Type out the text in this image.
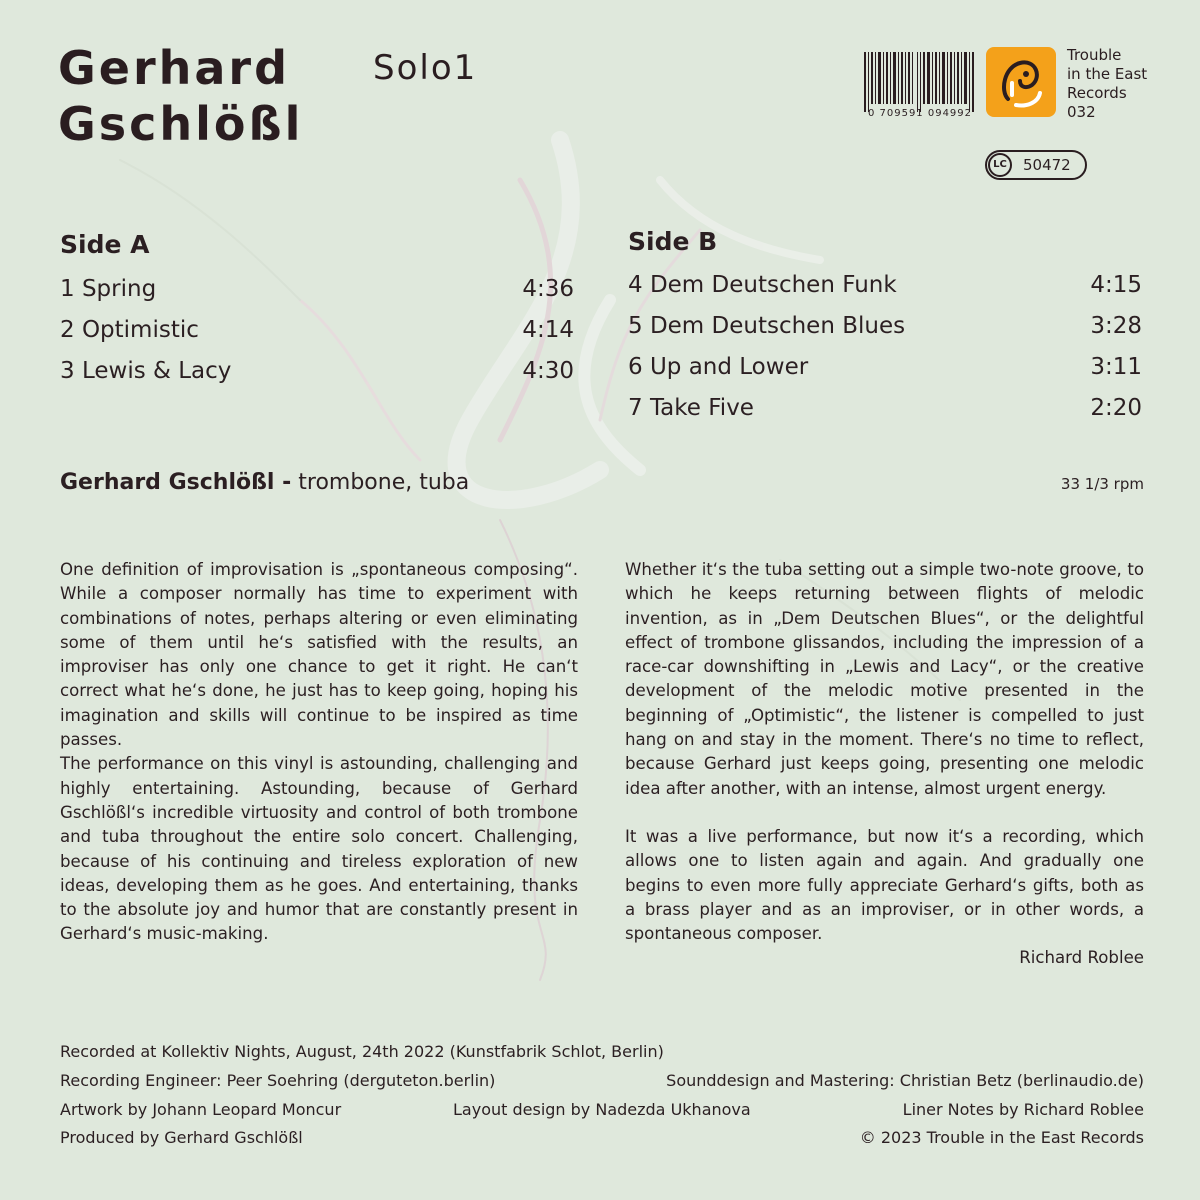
Gerhard
Gschlößl
Solo1
0 709591 094992
Trouble
in the East
Records
032
LC	50472
Side A
1 Spring	4:36
2 Optimistic	4:14
3 Lewis & Lacy	4:30
Side B
4 Dem Deutschen Funk	4:15
5 Dem Deutschen Blues	3:28
6 Up and Lower	3:11
7 Take Five	2:20
Gerhard Gschlößl - trombone, tuba	33 1/3 rpm

One definition of improvisation is „spontaneous composing“. While a composer normally has time to experiment with combinations of notes, perhaps altering or even eliminating some of them until he‘s satisfied with the results, an improviser has only one chance to get it right. He can‘t correct what he‘s done, he just has to keep going, hoping his imagination and skills will continue to be inspired as time passes.

The performance on this vinyl is astounding, challenging and highly entertaining. Astounding, because of Gerhard Gschlößl‘s incredible virtuosity and control of both trombone and tuba throughout the entire solo concert. Challenging, because of his continuing and tireless exploration of new ideas, developing them as he goes. And entertaining, thanks to the absolute joy and humor that are constantly present in Gerhard‘s music-making.

Whether it‘s the tuba setting out a simple two-note groove, to which he keeps returning between flights of melodic invention, as in „Dem Deutschen Blues“, or the delightful effect of trombone glissandos, including the impression of a race-car downshifting in „Lewis and Lacy“, or the creative development of the melodic motive presented in the beginning of „Optimistic“, the listener is compelled to just hang on and stay in the moment. There‘s no time to reflect, because Gerhard just keeps going, presenting one melodic idea after another, with an intense, almost urgent energy.

It was a live performance, but now it‘s a recording, which allows one to listen again and again. And gradually one begins to even more fully appreciate Gerhard‘s gifts, both as a brass player and as an improviser, or in other words, a spontaneous composer.

Richard Roblee

Recorded at Kollektiv Nights, August, 24th 2022 (Kunstfabrik Schlot, Berlin)
Recording Engineer: Peer Soehring (derguteton.berlin)	Sounddesign and Mastering: Christian Betz (berlinaudio.de)
Artwork by Johann Leopard Moncur	Layout design by Nadezda Ukhanova	Liner Notes by Richard Roblee
Produced by Gerhard Gschlößl	© 2023 Trouble in the East Records
